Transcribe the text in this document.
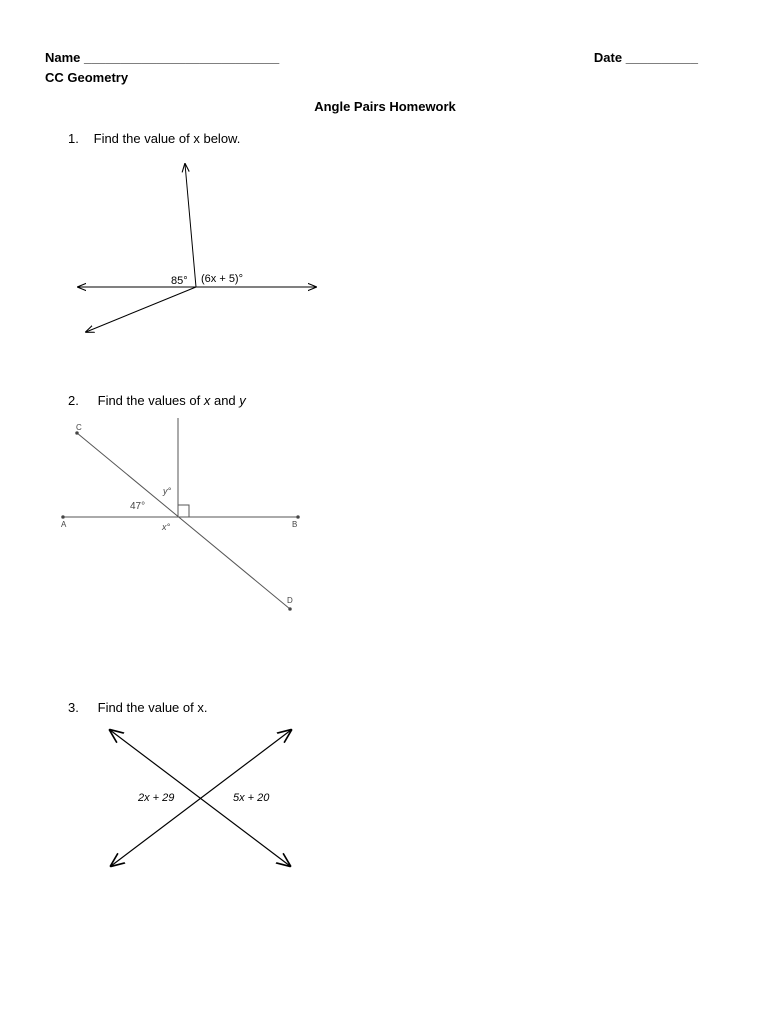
Name ___________________________
CC Geometry
Date __________
Angle Pairs Homework
1. Find the value of x below.
2. Find the values of x and y
3. Find the value of x.
85° (6x + 5)°
C
D
A	B
47°
y°
x°
2x + 29	5x + 20
